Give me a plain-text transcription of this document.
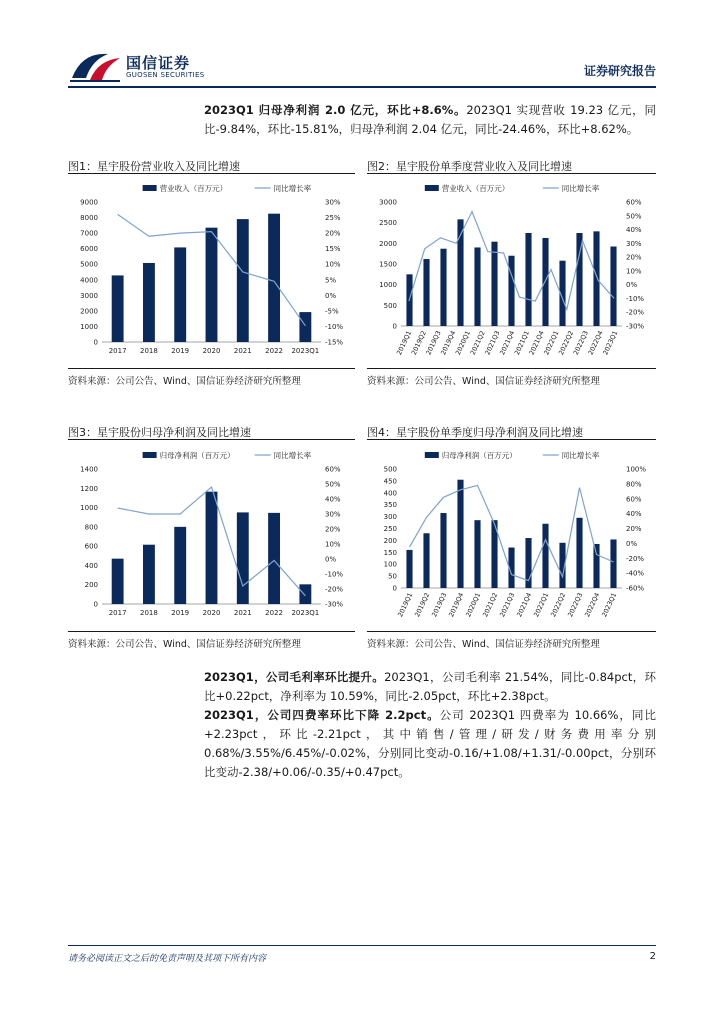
国信证券
GUOSEN SECURITIES	证券研究报告
2023Q1 归母净利润 2.0 亿元，环比+8.6%。2023Q1 实现营收 19.23 亿元，同比-9.84%，环比-15.81%，归母净利润 2.04 亿元，同比-24.46%，环比+8.62%。
图1：星宇股份营业收入及同比增速	图2：星宇股份单季度营业收入及同比增速
营业收入（百万元）	同比增长率
0
1000
2000
3000
4000
5000
6000
7000
8000
9000
-15%
-10%
-5%
0%
5%
10%
15%
20%
25%
30%
2017 2018 2019 2020 2021 2022 2023Q1
营业收入（百万元）	同比增长率
0
500
1000
1500
2000
2500
3000
-30%
-20%
-10%
0%
10%
20%
30%
40%
50%
60%
2019Q1
2019Q2
2019Q3
2019Q4
2020Q1
2021Q2
2021Q3
2021Q4
2021Q1
2021Q4
2022Q1
2022Q2
2022Q3
2022Q4
2023Q1
资料来源：公司公告、Wind、国信证券经济研究所整理	资料来源：公司公告、Wind、国信证券经济研究所整理
图3：星宇股份归母净利润及同比增速	图4：星宇股份单季度归母净利润及同比增速
归母净利润（百万元）	同比增长率
0
200
400
600
800
1000
1200
1400
-30%
-20%
-10%
0%
10%
20%
30%
40%
50%
60%
2017 2018 2019 2020 2021 2022 2023Q1
归母净利润（百万元）	同比增长率
0
50
100
150
200
250
300
350
400
450
500
-60%
-40%
-20%
0%
20%
40%
60%
80%
100%
2019Q1
2019Q2
2019Q3
2019Q4
2020Q1
2021Q2
2021Q3
2021Q4
2022Q1
2022Q2
2022Q3
2022Q4
2023Q1
资料来源：公司公告、Wind、国信证券经济研究所整理	资料来源：公司公告、Wind、国信证券经济研究所整理
2023Q1，公司毛利率环比提升。2023Q1，公司毛利率 21.54%，同比-0.84pct，环比+0.22pct，净利率为 10.59%，同比-2.05pct，环比+2.38pct。
2023Q1，公司四费率环比下降 2.2pct。公司 2023Q1 四费率为 10.66%，同比+2.23pct，环比-2.21pct，其中销售/管理/研发/财务费用率分别 0.68%/3.55%/6.45%/-0.02%，分别同比变动-0.16/+1.08/+1.31/-0.00pct，分别环比变动-2.38/+0.06/-0.35/+0.47pct。
请务必阅读正文之后的免责声明及其项下所有内容	2
